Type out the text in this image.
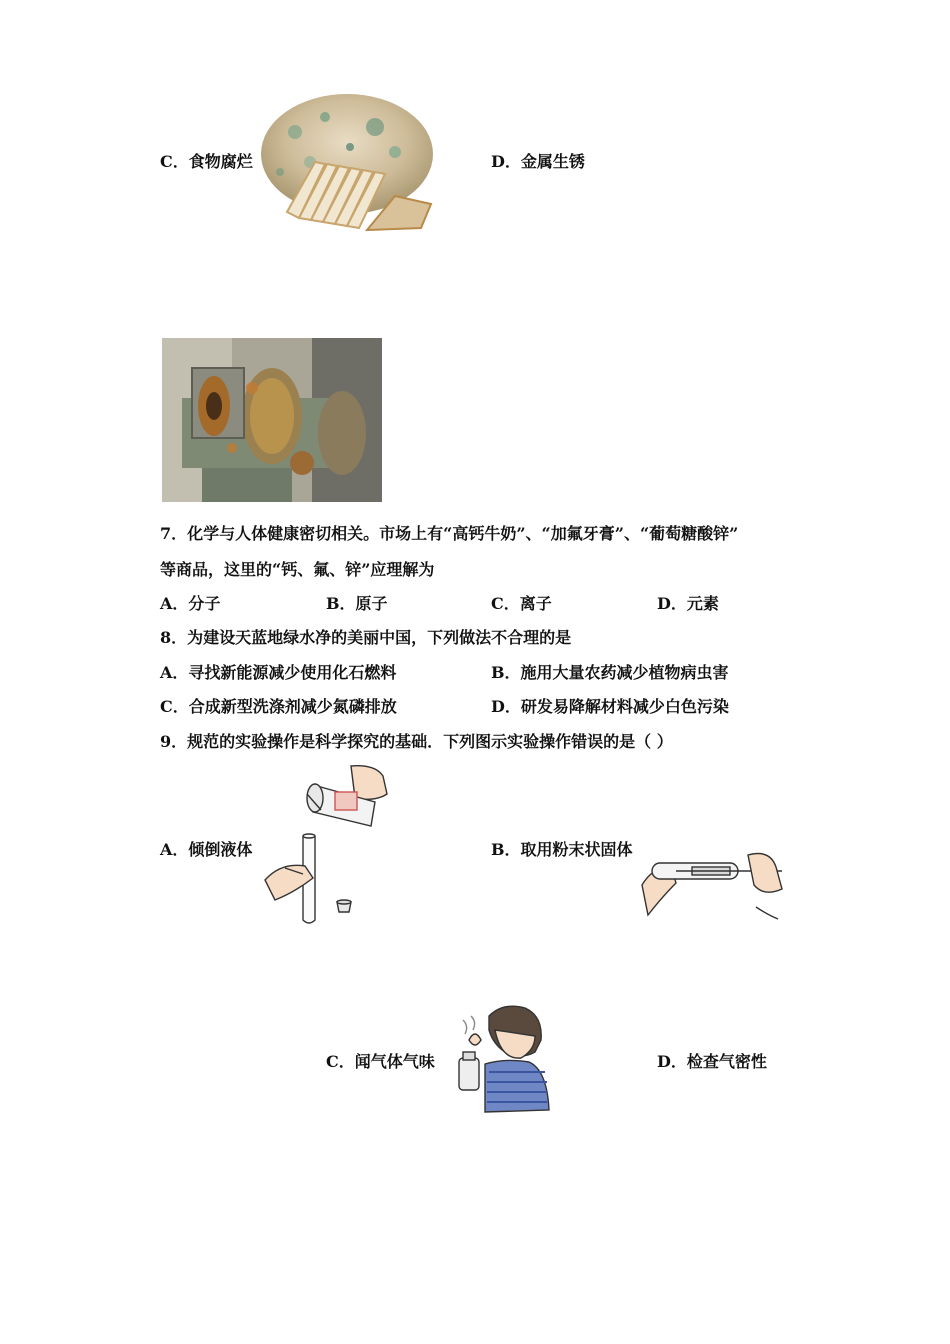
C．食物腐烂	D．金属生锈
7．化学与人体健康密切相关。市场上有“高钙牛奶”、“加氟牙膏”、“葡萄糖酸锌”
等商品，这里的“钙、氟、锌”应理解为
A．分子	B．原子	C．离子	D．元素
8．为建设天蓝地绿水净的美丽中国，下列做法不合理的是
A．寻找新能源减少使用化石燃料	B．施用大量农药减少植物病虫害
C．合成新型洗涤剂减少氮磷排放	D．研发易降解材料减少白色污染
9．规范的实验操作是科学探究的基础．下列图示实验操作错误的是（ ）
A．倾倒液体	B．取用粉末状固体
C．闻气体气味	D．检查气密性
